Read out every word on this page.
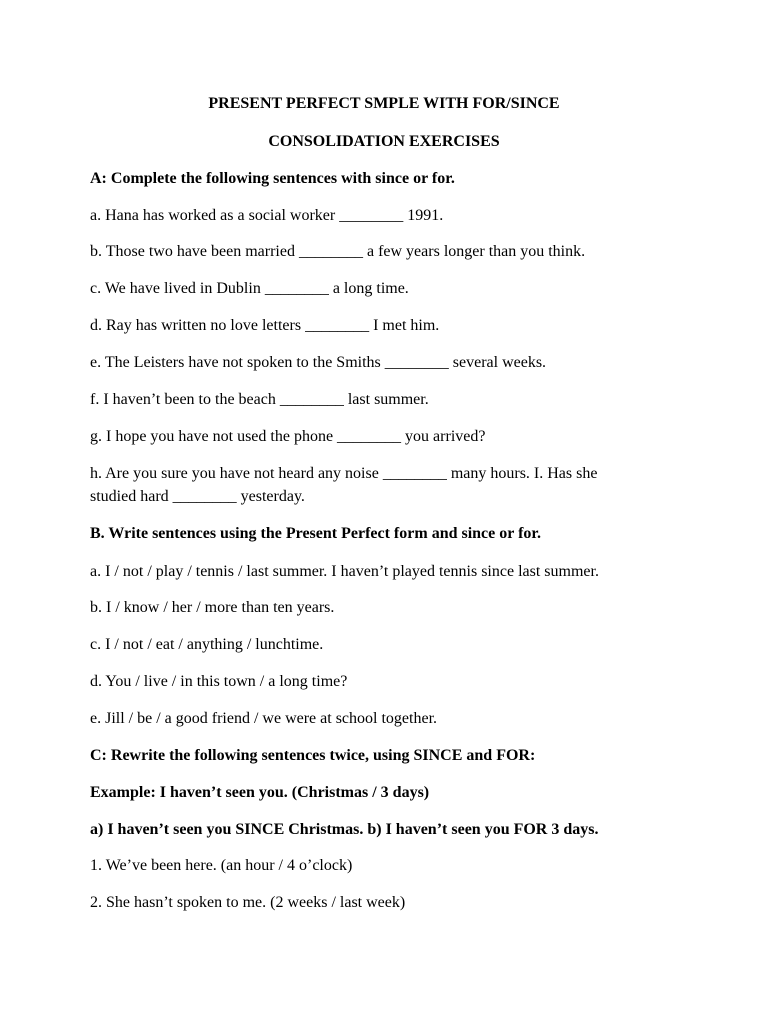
PRESENT PERFECT SMPLE WITH FOR/SINCE
CONSOLIDATION EXERCISES
A: Complete the following sentences with since or for.
a. Hana has worked as a social worker ________ 1991.
b. Those two have been married ________ a few years longer than you think.
c. We have lived in Dublin ________ a long time.
d. Ray has written no love letters ________ I met him.
e. The Leisters have not spoken to the Smiths ________ several weeks.
f. I haven’t been to the beach ________ last summer.
g. I hope you have not used the phone ________ you arrived?
h. Are you sure you have not heard any noise ________ many hours. I. Has she
studied hard ________ yesterday.
B. Write sentences using the Present Perfect form and since or for.
a. I / not / play / tennis / last summer. I haven’t played tennis since last summer.
b. I / know / her / more than ten years.
c. I / not / eat / anything / lunchtime.
d. You / live / in this town / a long time?
e. Jill / be / a good friend / we were at school together.
C: Rewrite the following sentences twice, using SINCE and FOR:
Example: I haven’t seen you. (Christmas / 3 days)
a) I haven’t seen you SINCE Christmas. b) I haven’t seen you FOR 3 days.
1. We’ve been here. (an hour / 4 o’clock)
2. She hasn’t spoken to me. (2 weeks / last week)
